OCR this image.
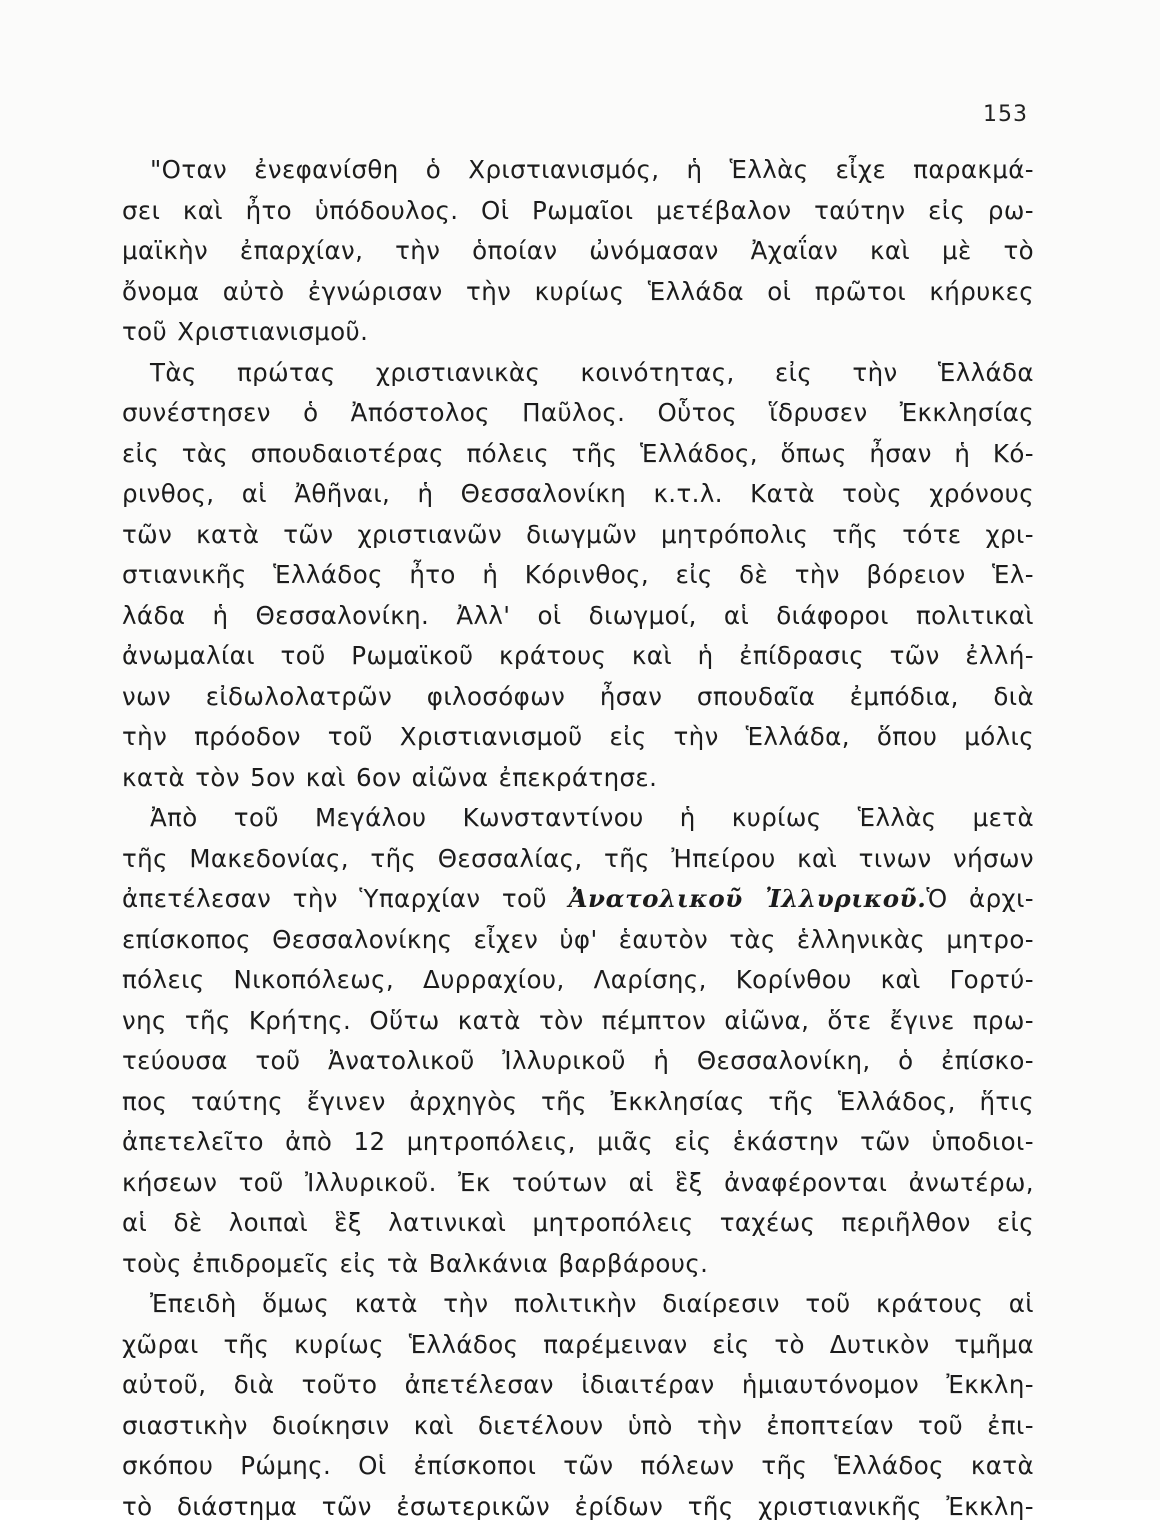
153
"Οταν ἐνεφανίσθη ὁ Χριστιανισμός, ἡ Ἑλλὰς εἶχε παρακμά-
σει καὶ ἦτο ὑπόδουλος. Οἱ Ρωμαῖοι μετέβαλον ταύτην εἰς ρω-
μαϊκὴν ἐπαρχίαν, τὴν ὁποίαν ὠνόμασαν Ἀχαΐαν καὶ μὲ τὸ
ὄνομα αὐτὸ ἐγνώρισαν τὴν κυρίως Ἑλλάδα οἱ πρῶτοι κήρυκες
τοῦ Χριστιανισμοῦ.
Τὰς πρώτας χριστιανικὰς κοινότητας, εἰς τὴν Ἑλλάδα
συνέστησεν ὁ Ἀπόστολος Παῦλος. Οὗτος ἵδρυσεν Ἐκκλησίας
εἰς τὰς σπουδαιοτέρας πόλεις τῆς Ἑλλάδος, ὅπως ἦσαν ἡ Κό-
ρινθος, αἱ Ἀθῆναι, ἡ Θεσσαλονίκη κ.τ.λ. Κατὰ τοὺς χρόνους
τῶν κατὰ τῶν χριστιανῶν διωγμῶν μητρόπολις τῆς τότε χρι-
στιανικῆς Ἑλλάδος ἦτο ἡ Κόρινθος, εἰς δὲ τὴν βόρειον Ἑλ-
λάδα ἡ Θεσσαλονίκη. Ἀλλ' οἱ διωγμοί, αἱ διάφοροι πολιτικαὶ
ἀνωμαλίαι τοῦ Ρωμαϊκοῦ κράτους καὶ ἡ ἐπίδρασις τῶν ἐλλή-
νων εἰδωλολατρῶν φιλοσόφων ἦσαν σπουδαῖα ἐμπόδια, διὰ
τὴν πρόοδον τοῦ Χριστιανισμοῦ εἰς τὴν Ἑλλάδα, ὅπου μόλις
κατὰ τὸν 5ον καὶ 6ον αἰῶνα ἐπεκράτησε.
Ἀπὸ τοῦ Μεγάλου Κωνσταντίνου ἡ κυρίως Ἑλλὰς μετὰ
τῆς Μακεδονίας, τῆς Θεσσαλίας, τῆς Ἠπείρου καὶ τινων νήσων
ἀπετέλεσαν τὴν Ὑπαρχίαν τοῦ Ἀνατολικοῦ Ἰλλυρικοῦ.Ὁ ἀρχι-
επίσκοπος Θεσσαλονίκης εἶχεν ὑφ' ἑαυτὸν τὰς ἑλληνικὰς μητρο-
πόλεις Νικοπόλεως, Δυρραχίου, Λαρίσης, Κορίνθου καὶ Γορτύ-
νης τῆς Κρήτης. Οὕτω κατὰ τὸν πέμπτον αἰῶνα, ὅτε ἔγινε πρω-
τεύουσα τοῦ Ἀνατολικοῦ Ἰλλυρικοῦ ἡ Θεσσαλονίκη, ὁ ἐπίσκο-
πος ταύτης ἔγινεν ἀρχηγὸς τῆς Ἐκκλησίας τῆς Ἑλλάδος, ἥτις
ἀπετελεῖτο ἀπὸ 12 μητροπόλεις, μιᾶς εἰς ἑκάστην τῶν ὑποδιοι-
κήσεων τοῦ Ἰλλυρικοῦ. Ἐκ τούτων αἱ ἓξ ἀναφέρονται ἀνωτέρω,
αἱ δὲ λοιπαὶ ἓξ λατινικαὶ μητροπόλεις ταχέως περιῆλθον εἰς
τοὺς ἐπιδρομεῖς εἰς τὰ Βαλκάνια βαρβάρους.
Ἐπειδὴ ὅμως κατὰ τὴν πολιτικὴν διαίρεσιν τοῦ κράτους αἱ
χῶραι τῆς κυρίως Ἑλλάδος παρέμειναν εἰς τὸ Δυτικὸν τμῆμα
αὐτοῦ, διὰ τοῦτο ἀπετέλεσαν ἰδιαιτέραν ἡμιαυτόνομον Ἐκκλη-
σιαστικὴν διοίκησιν καὶ διετέλουν ὑπὸ τὴν ἐποπτείαν τοῦ ἐπι-
σκόπου Ρώμης. Οἱ ἐπίσκοποι τῶν πόλεων τῆς Ἑλλάδος κατὰ
τὸ διάστημα τῶν ἐσωτερικῶν ἐρίδων τῆς χριστιανικῆς Ἐκκλη-
